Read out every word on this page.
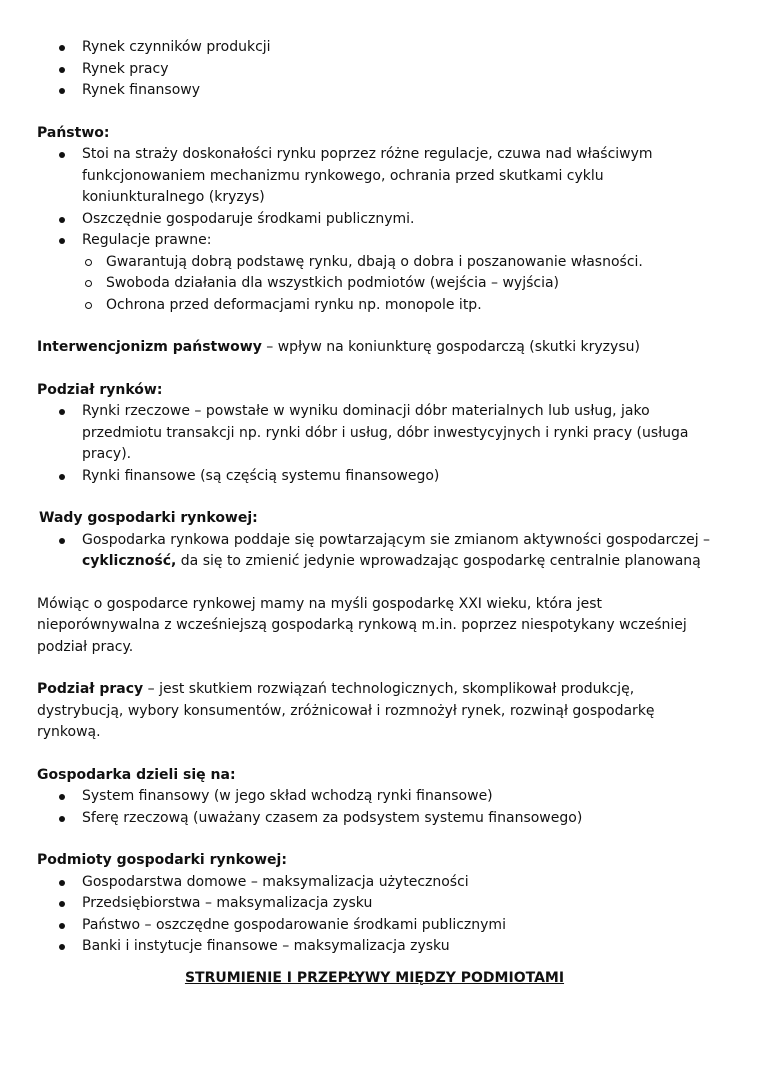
Rynek czynników produkcji
Rynek pracy
Rynek finansowy
Państwo:
Stoi na straży doskonałości rynku poprzez różne regulacje, czuwa nad właściwym funkcjonowaniem mechanizmu rynkowego, ochrania przed skutkami cyklu koniunkturalnego (kryzys)
Oszczędnie gospodaruje środkami publicznymi.
Regulacje prawne:
Gwarantują dobrą podstawę rynku, dbają o dobra i poszanowanie własności.
Swoboda działania dla wszystkich podmiotów (wejścia – wyjścia)
Ochrona przed deformacjami rynku np. monopole itp.
Interwencjonizm państwowy – wpływ na koniunkturę gospodarczą (skutki kryzysu)
Podział rynków:
Rynki rzeczowe – powstałe w wyniku dominacji dóbr materialnych lub usług, jako przedmiotu transakcji np. rynki dóbr i usług, dóbr inwestycyjnych i rynki pracy (usługa pracy).
Rynki finansowe (są częścią systemu finansowego)
Wady gospodarki rynkowej:
Gospodarka rynkowa poddaje się powtarzającym sie zmianom aktywności gospodarczej – cykliczność, da się to zmienić jedynie wprowadzając gospodarkę centralnie planowaną
Mówiąc o gospodarce rynkowej mamy na myśli gospodarkę XXI wieku, która jest nieporównywalna z wcześniejszą gospodarką rynkową m.in. poprzez niespotykany wcześniej podział pracy.
Podział pracy – jest skutkiem rozwiązań technologicznych, skomplikował produkcję, dystrybucją, wybory konsumentów, zróżnicował i rozmnożył rynek, rozwinął gospodarkę rynkową.
Gospodarka dzieli się na:
System finansowy (w jego skład wchodzą rynki finansowe)
Sferę rzeczową (uważany czasem za podsystem systemu finansowego)
Podmioty gospodarki rynkowej:
Gospodarstwa domowe – maksymalizacja użyteczności
Przedsiębiorstwa – maksymalizacja zysku
Państwo – oszczędne gospodarowanie środkami publicznymi
Banki i instytucje finansowe – maksymalizacja zysku
STRUMIENIE I PRZEPŁYWY MIĘDZY PODMIOTAMI
